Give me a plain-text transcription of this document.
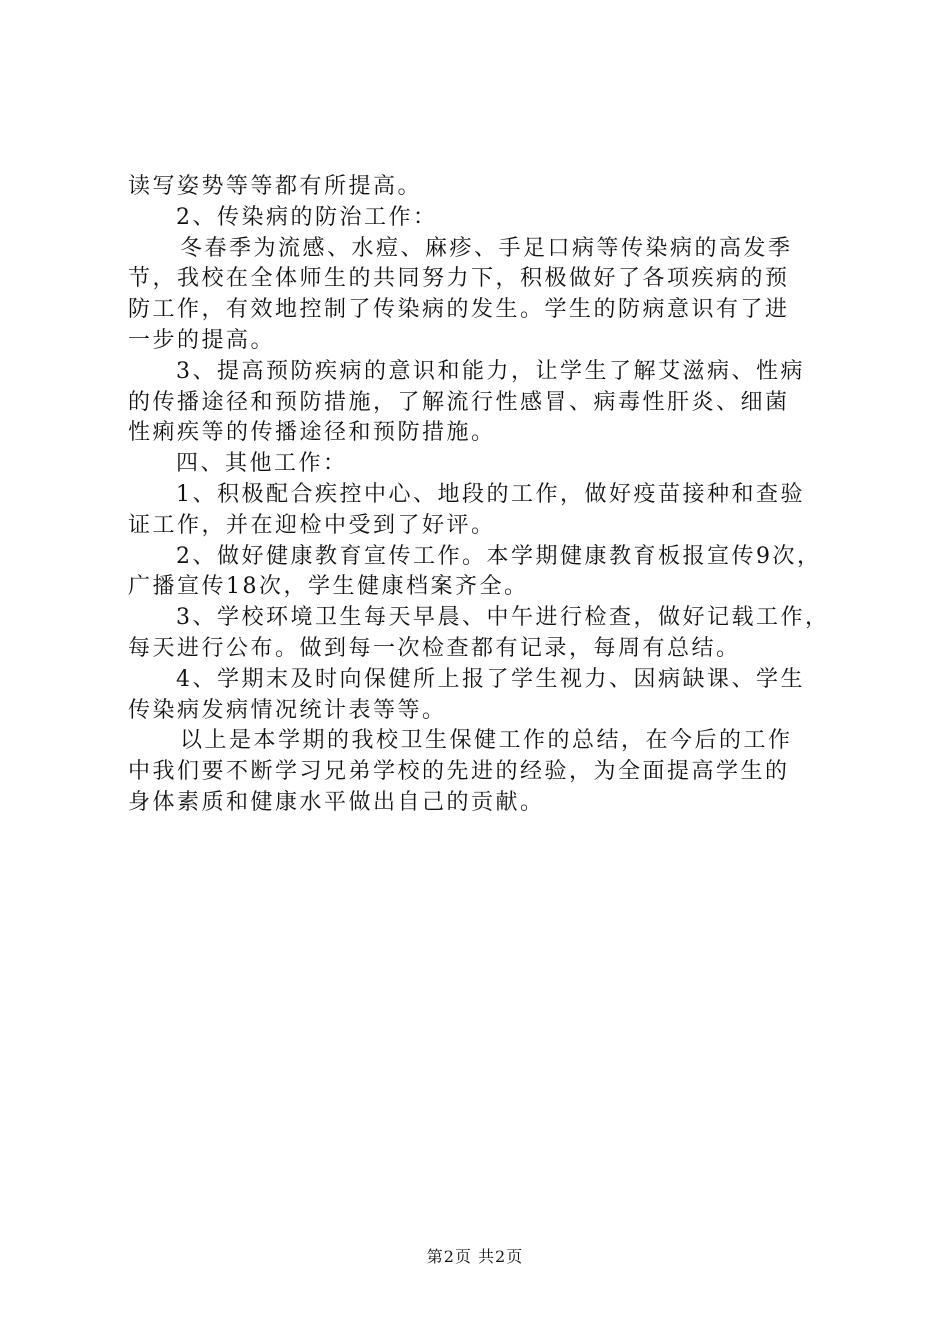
读写姿势等等都有所提高。
2、传染病的防治工作：
冬春季为流感、水痘、麻疹、手足口病等传染病的高发季
节，我校在全体师生的共同努力下，积极做好了各项疾病的预
防工作，有效地控制了传染病的发生。学生的防病意识有了进
一步的提高。
3、提高预防疾病的意识和能力，让学生了解艾滋病、性病
的传播途径和预防措施，了解流行性感冒、病毒性肝炎、细菌
性痢疾等的传播途径和预防措施。
四、其他工作：
1、积极配合疾控中心、地段的工作，做好疫苗接种和查验
证工作，并在迎检中受到了好评。
2、做好健康教育宣传工作。本学期健康教育板报宣传9次，
广播宣传18次，学生健康档案齐全。
3、学校环境卫生每天早晨、中午进行检查，做好记载工作，
每天进行公布。做到每一次检查都有记录，每周有总结。
4、学期末及时向保健所上报了学生视力、因病缺课、学生
传染病发病情况统计表等等。
以上是本学期的我校卫生保健工作的总结，在今后的工作
中我们要不断学习兄弟学校的先进的经验，为全面提高学生的
身体素质和健康水平做出自己的贡献。
第2页 共2页
